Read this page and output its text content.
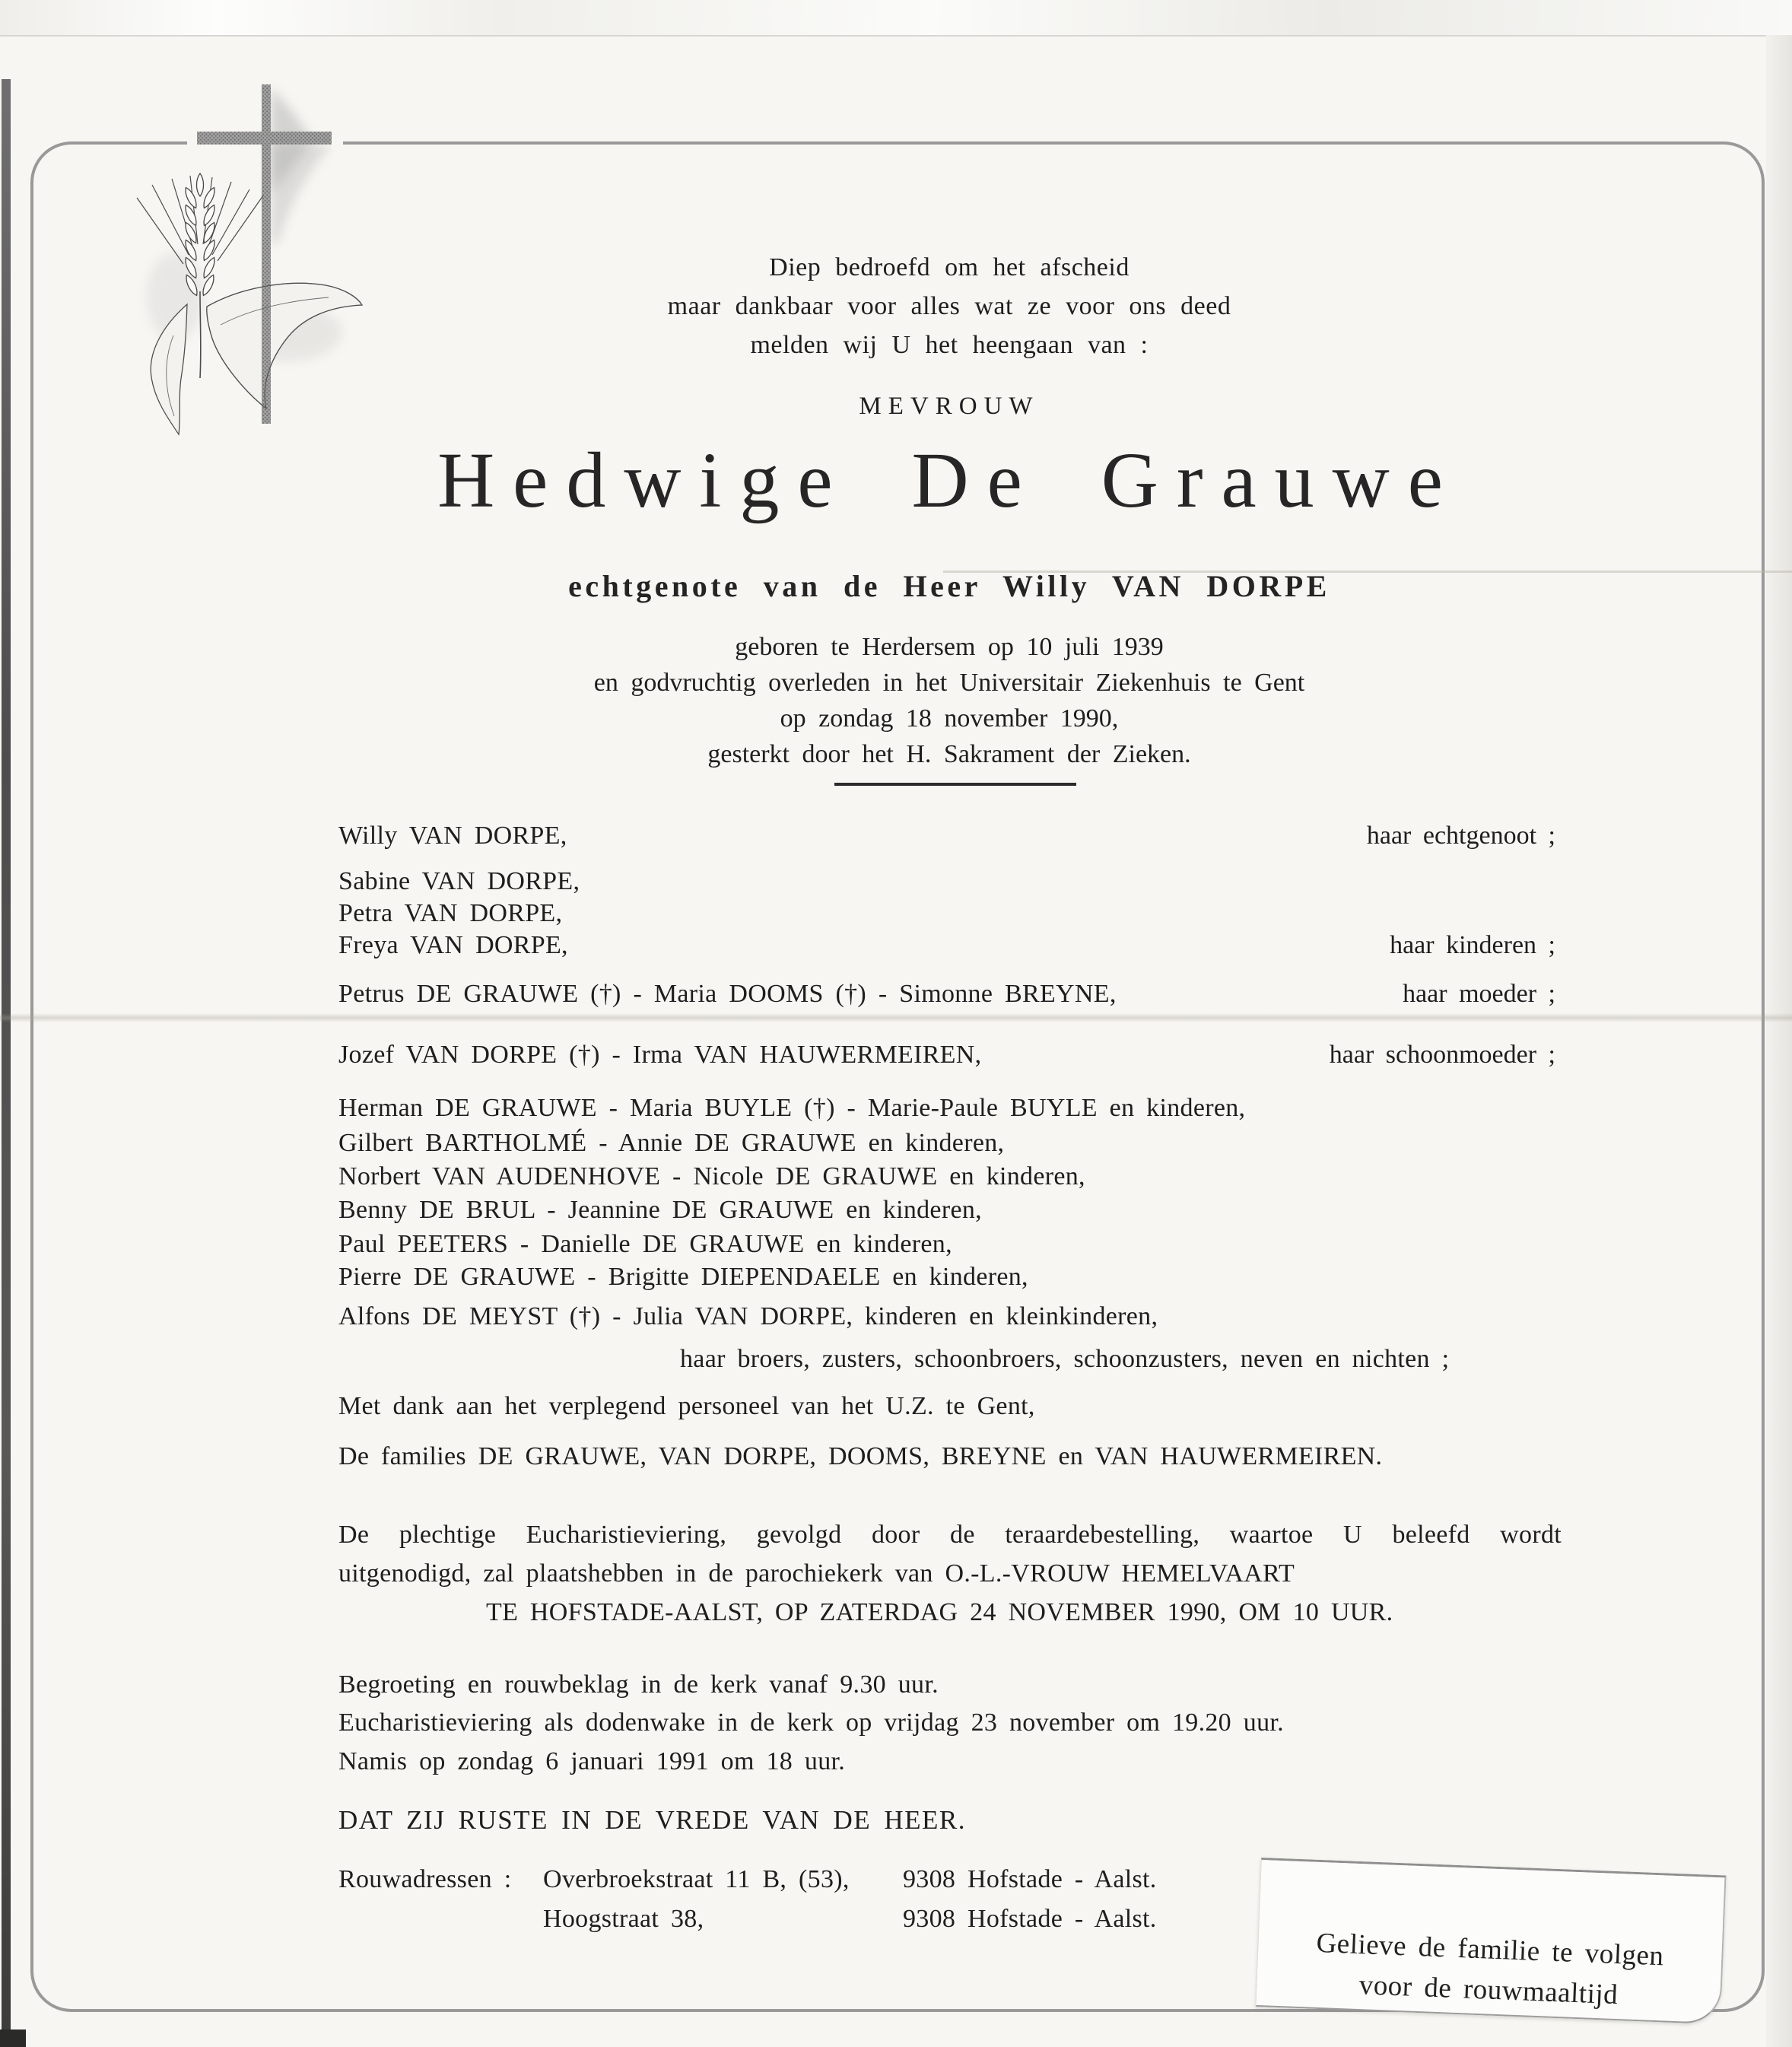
Diep bedroefd om het afscheid
maar dankbaar voor alles wat ze voor ons deed
melden wij U het heengaan van :
MEVROUW
Hedwige De Grauwe
echtgenote van de Heer Willy VAN DORPE
geboren te Herdersem op 10 juli 1939
en godvruchtig overleden in het Universitair Ziekenhuis te Gent
op zondag 18 november 1990,
gesterkt door het H. Sakrament der Zieken.
Willy VAN DORPE,	haar echtgenoot ;
Sabine VAN DORPE,
Petra VAN DORPE,
Freya VAN DORPE,	haar kinderen ;
Petrus DE GRAUWE (†) - Maria DOOMS (†) - Simonne BREYNE,	haar moeder ;
Jozef VAN DORPE (†) - Irma VAN HAUWERMEIREN,	haar schoonmoeder ;
Herman DE GRAUWE - Maria BUYLE (†) - Marie-Paule BUYLE en kinderen,
Gilbert BARTHOLMÉ - Annie DE GRAUWE en kinderen,
Norbert VAN AUDENHOVE - Nicole DE GRAUWE en kinderen,
Benny DE BRUL - Jeannine DE GRAUWE en kinderen,
Paul PEETERS - Danielle DE GRAUWE en kinderen,
Pierre DE GRAUWE - Brigitte DIEPENDAELE en kinderen,
Alfons DE MEYST (†) - Julia VAN DORPE, kinderen en kleinkinderen,
haar broers, zusters, schoonbroers, schoonzusters, neven en nichten ;
Met dank aan het verplegend personeel van het U.Z. te Gent,
De families DE GRAUWE, VAN DORPE, DOOMS, BREYNE en VAN HAUWERMEIREN.
De plechtige Eucharistieviering, gevolgd door de teraardebestelling, waartoe U beleefd wordt
uitgenodigd, zal plaatshebben in de parochiekerk van O.-L.-VROUW HEMELVAART
TE HOFSTADE-AALST, OP ZATERDAG 24 NOVEMBER 1990, OM 10 UUR.
Begroeting en rouwbeklag in de kerk vanaf 9.30 uur.
Eucharistieviering als dodenwake in de kerk op vrijdag 23 november om 19.20 uur.
Namis op zondag 6 januari 1991 om 18 uur.
DAT ZIJ RUSTE IN DE VREDE VAN DE HEER.
Rouwadressen : Overbroekstraat 11 B, (53), 9308 Hofstade - Aalst.
Hoogstraat 38,	9308 Hofstade - Aalst.
Gelieve de familie te volgen
voor de rouwmaaltijd
